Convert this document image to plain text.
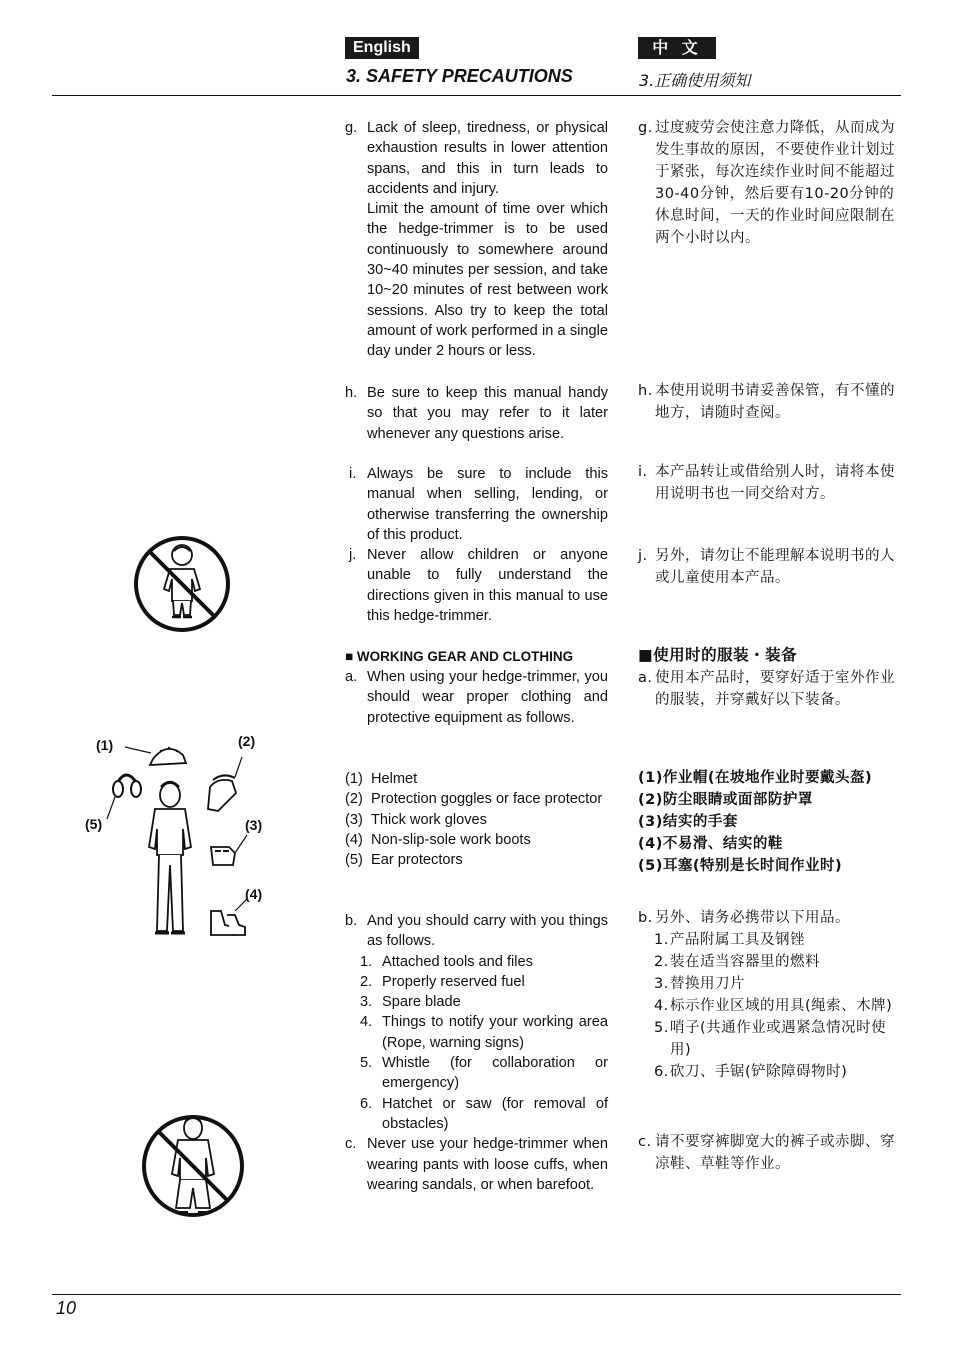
English	中 文
3. SAFETY PRECAUTIONS	3.正确使用须知
g. Lack of sleep, tiredness, or physical exhaustion results in lower attention spans, and this in turn leads to accidents and injury.
Limit the amount of time over which the hedge-trimmer is to be used continuously to somewhere around 30~40 minutes per session, and take 10~20 minutes of rest between work sessions. Also try to keep the total amount of work performed in a single day under 2 hours or less.
h. Be sure to keep this manual handy so that you may refer to it later whenever any questions arise.
i. Always be sure to include this manual when selling, lending, or otherwise transferring the ownership of this product.
j. Never allow children or anyone unable to fully understand the directions given in this manual to use this hedge-trimmer.
■ WORKING GEAR AND CLOTHING
a. When using your hedge-trimmer, you should wear proper clothing and protective equipment as follows.
(1) Helmet
(2) Protection goggles or face protector
(3) Thick work gloves
(4) Non-slip-sole work boots
(5) Ear protectors
b. And you should carry with you things as follows.
1. Attached tools and files
2. Properly reserved fuel
3. Spare blade
4. Things to notify your working area (Rope, warning signs)
5. Whistle (for collaboration or emergency)
6. Hatchet or saw (for removal of obstacles)
c. Never use your hedge-trimmer when wearing pants with loose cuffs, when wearing sandals, or when barefoot.
g. 过度疲劳会使注意力降低，从而成为发生事故的原因，不要使作业计划过于紧张，每次连续作业时间不能超过30-40分钟，然后要有10-20分钟的休息时间，一天的作业时间应限制在两个小时以内。
h. 本使用说明书请妥善保管，有不懂的地方，请随时查阅。
i. 本产品转让或借给别人时，请将本使用说明书也一同交给对方。
j. 另外，请勿让不能理解本说明书的人或儿童使用本产品。
■使用时的服装・装备
a. 使用本产品时，要穿好适于室外作业的服装，并穿戴好以下装备。
(1)作业帽(在坡地作业时要戴头盔)
(2)防尘眼睛或面部防护罩
(3)结实的手套
(4)不易滑、结实的鞋
(5)耳塞(特别是长时间作业时)
b. 另外、请务必携带以下用品。
1. 产品附属工具及钢锉
2. 装在适当容器里的燃料
3. 替换用刀片
4. 标示作业区域的用具(绳索、木牌)
5. 哨子(共通作业或遇紧急情况时使用)
6. 砍刀、手锯(铲除障碍物时)
c. 请不要穿裤脚宽大的裤子或赤脚、穿凉鞋、草鞋等作业。
(1)	(2)
(3)
(4)
(5)
10
